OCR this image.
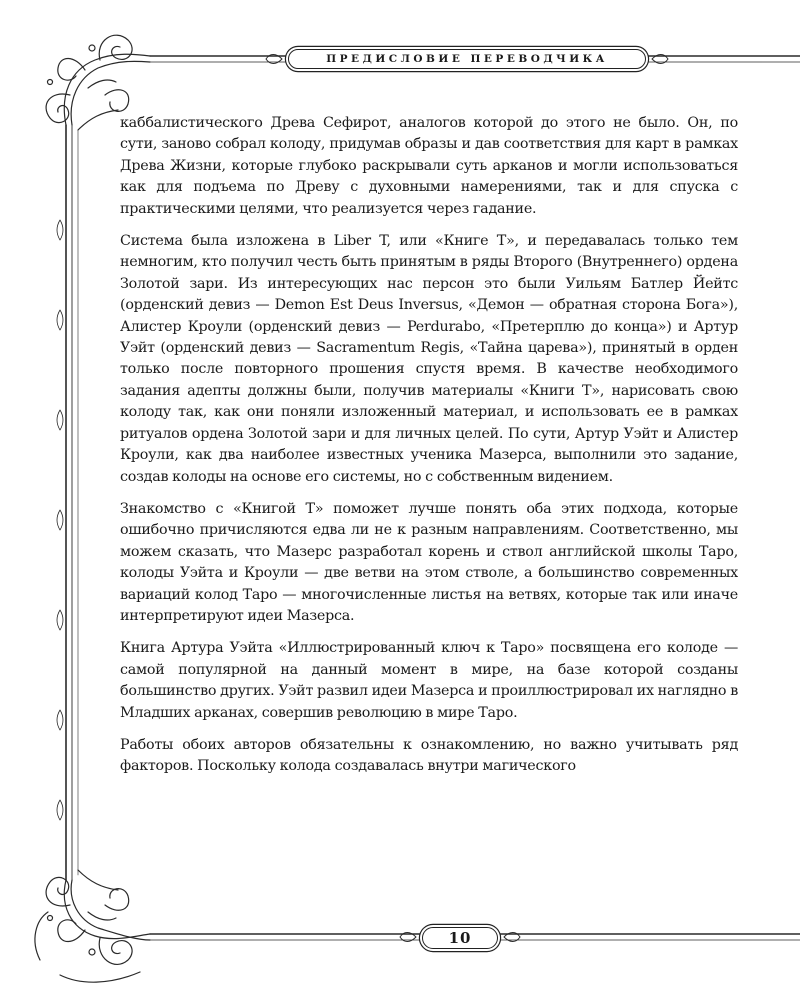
ПРЕДИСЛОВИЕ ПЕРЕВОДЧИКА

каббалистического Древа Сефирот, аналогов которой до этого не было. Он, по сути, заново собрал колоду, придумав образы и дав соответствия для карт в рамках Древа Жизни, которые глубоко раскрывали суть арканов и могли использоваться как для подъема по Древу с духовными намерениями, так и для спуска с практическими целями, что реализуется через гадание.

Система была изложена в Liber T, или «Книге Т», и передавалась только тем немногим, кто получил честь быть принятым в ряды Второго (Внутреннего) ордена Золотой зари. Из интересующих нас персон это были Уильям Батлер Йейтс (орденский девиз — Demon Est Deus Inversus, «Демон — обратная сторона Бога»), Алистер Кроули (орденский девиз — Perdurabo, «Претерплю до конца») и Артур Уэйт (орденский девиз — Sacramentum Regis, «Тайна царева»), принятый в орден только после повторного прошения спустя время. В качестве необходимого задания адепты должны были, получив материалы «Книги Т», нарисовать свою колоду так, как они поняли изложенный материал, и использовать ее в рамках ритуалов ордена Золотой зари и для личных целей. По сути, Артур Уэйт и Алистер Кроули, как два наиболее известных ученика Мазерса, выполнили это задание, создав колоды на основе его системы, но с собственным видением.

Знакомство с «Книгой Т» поможет лучше понять оба этих подхода, которые ошибочно причисляются едва ли не к разным направлениям. Соответственно, мы можем сказать, что Мазерс разработал корень и ствол английской школы Таро, колоды Уэйта и Кроули — две ветви на этом стволе, а большинство современных вариаций колод Таро — многочисленные листья на ветвях, которые так или иначе интерпретируют идеи Мазерса.

Книга Артура Уэйта «Иллюстрированный ключ к Таро» посвящена его колоде — самой популярной на данный момент в мире, на базе которой созданы большинство других. Уэйт развил идеи Мазерса и проиллюстрировал их наглядно в Младших арканах, совершив революцию в мире Таро.

Работы обоих авторов обязательны к ознакомлению, но важно учитывать ряд факторов. Поскольку колода создавалась внутри магического

10
